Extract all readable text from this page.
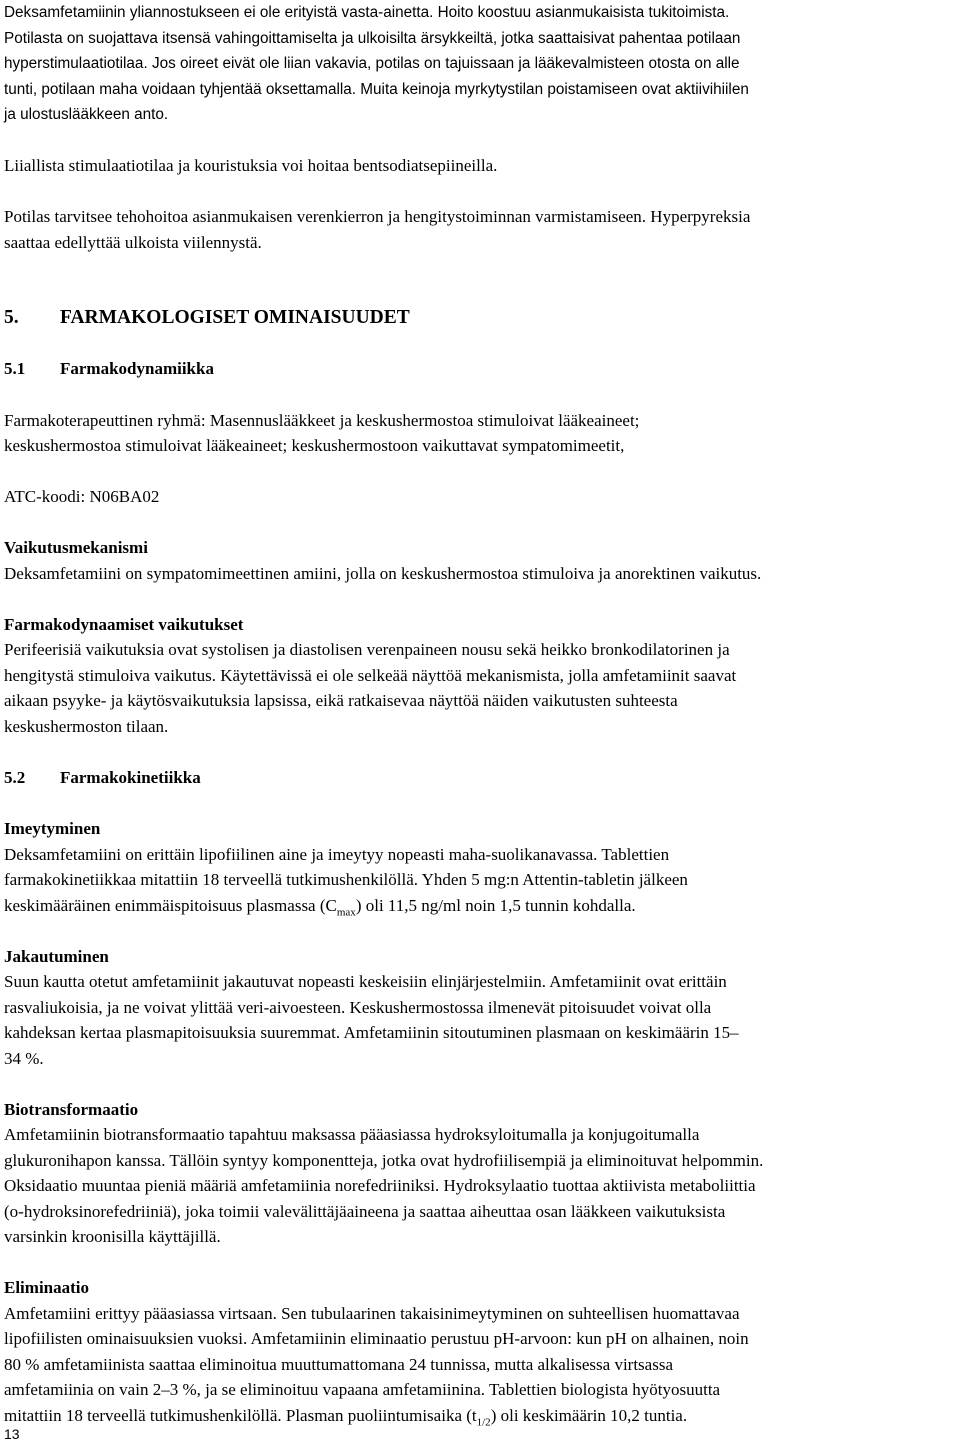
Deksamfetamiinin yliannostukseen ei ole erityistä vasta-ainetta. Hoito koostuu asianmukaisista tukitoimista.
Potilasta on suojattava itsensä vahingoittamiselta ja ulkoisilta ärsykkeiltä, jotka saattaisivat pahentaa potilaan
hyperstimulaatiotilaa. Jos oireet eivät ole liian vakavia, potilas on tajuissaan ja lääkevalmisteen otosta on alle
tunti, potilaan maha voidaan tyhjentää oksettamalla. Muita keinoja myrkytystilan poistamiseen ovat aktiivihiilen
ja ulostuslääkkeen anto.

Liiallista stimulaatiotilaa ja kouristuksia voi hoitaa bentsodiatsepiineilla.

Potilas tarvitsee tehohoitoa asianmukaisen verenkierron ja hengitystoiminnan varmistamiseen. Hyperpyreksia
saattaa edellyttää ulkoista viilennystä.

5. FARMAKOLOGISET OMINAISUUDET

5.1 Farmakodynamiikka

Farmakoterapeuttinen ryhmä: Masennuslääkkeet ja keskushermostoa stimuloivat lääkeaineet;
keskushermostoa stimuloivat lääkeaineet; keskushermostoon vaikuttavat sympatomimeetit,

ATC-koodi: N06BA02

Vaikutusmekanismi

Deksamfetamiini on sympatomimeettinen amiini, jolla on keskushermostoa stimuloiva ja anorektinen vaikutus.

Farmakodynaamiset vaikutukset

Perifeerisiä vaikutuksia ovat systolisen ja diastolisen verenpaineen nousu sekä heikko bronkodilatorinen ja
hengitystä stimuloiva vaikutus. Käytettävissä ei ole selkeää näyttöä mekanismista, jolla amfetamiinit saavat
aikaan psyyke- ja käytösvaikutuksia lapsissa, eikä ratkaisevaa näyttöä näiden vaikutusten suhteesta
keskushermoston tilaan.

5.2 Farmakokinetiikka

Imeytyminen

Deksamfetamiini on erittäin lipofiilinen aine ja imeytyy nopeasti maha-suolikanavassa. Tablettien
farmakokinetiikkaa mitattiin 18 terveellä tutkimushenkilöllä. Yhden 5 mg:n Attentin-tabletin jälkeen
keskimääräinen enimmäispitoisuus plasmassa $(C_{max})$ oli 11,5 ng/ml noin 1,5 tunnin kohdalla.

Jakautuminen

Suun kautta otetut amfetamiinit jakautuvat nopeasti keskeisiin elinjärjestelmiin. Amfetamiinit ovat erittäin
rasvaliukoisia, ja ne voivat ylittää veri-aivoesteen. Keskushermostossa ilmenevät pitoisuudet voivat olla
kahdeksan kertaa plasmapitoisuuksia suuremmat. Amfetamiinin sitoutuminen plasmaan on keskimäärin 15–
34 %.

Biotransformaatio

Amfetamiinin biotransformaatio tapahtuu maksassa pääasiassa hydroksyloitumalla ja konjugoitumalla
glukuronihapon kanssa. Tällöin syntyy komponentteja, jotka ovat hydrofiilisempiä ja eliminoituvat helpommin.
Oksidaatio muuntaa pieniä määriä amfetamiinia norefedriiniksi. Hydroksylaatio tuottaa aktiivista metaboliittia
(o-hydroksinorefedriiniä), joka toimii valevälittäjäaineena ja saattaa aiheuttaa osan lääkkeen vaikutuksista
varsinkin kroonisilla käyttäjillä.

Eliminaatio

Amfetamiini erittyy pääasiassa virtsaan. Sen tubulaarinen takaisinimeytyminen on suhteellisen huomattavaa
lipofiilisten ominaisuuksien vuoksi. Amfetamiinin eliminaatio perustuu pH-arvoon: kun pH on alhainen, noin
80 % amfetamiinista saattaa eliminoitua muuttumattomana 24 tunnissa, mutta alkalisessa virtsassa
amfetamiinia on vain 2–3 %, ja se eliminoituu vapaana amfetamiinina. Tablettien biologista hyötyosuutta
mitattiin 18 terveellä tutkimushenkilöllä. Plasman puoliintumisaika $(t_{1/2})$ oli keskimäärin 10,2 tuntia.
13
